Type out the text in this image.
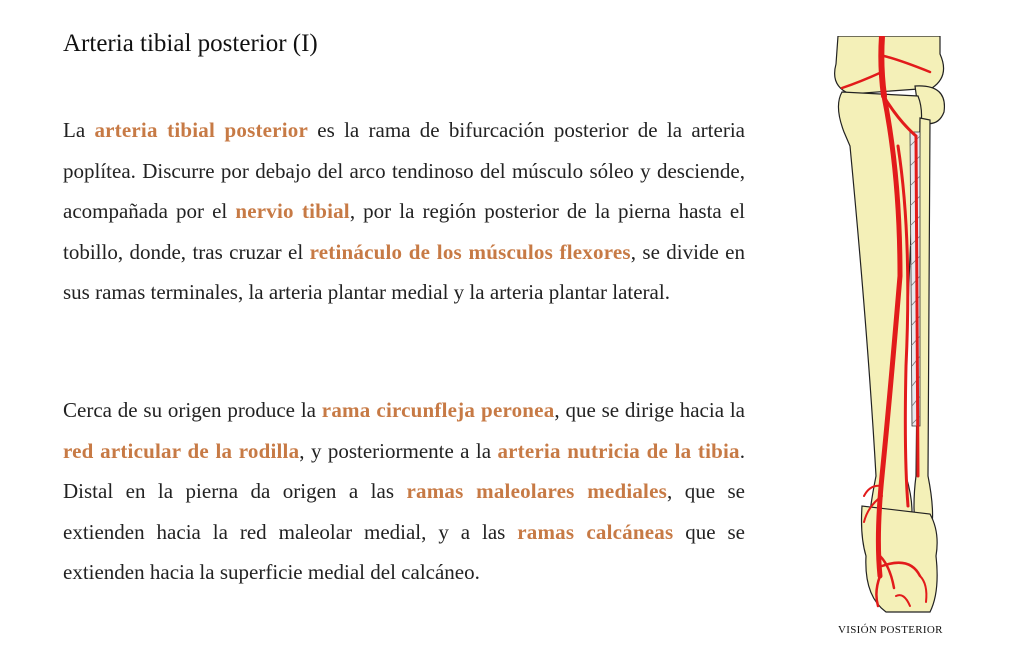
Arteria tibial posterior (I)

La arteria tibial posterior es la rama de bifurcación posterior de la arteria poplítea. Discurre por debajo del arco tendinoso del músculo sóleo y desciende, acompañada por el nervio tibial, por la región posterior de la pierna hasta el tobillo, donde, tras cruzar el retináculo de los músculos flexores, se divide en sus ramas terminales, la arteria plantar medial y la arteria plantar lateral.

Cerca de su origen produce la rama circunfleja peronea, que se dirige hacia la red articular de la rodilla, y posteriormente a la arteria nutricia de la tibia. Distal en la pierna da origen a las ramas maleolares mediales, que se extienden hacia la red maleolar medial, y a las ramas calcáneas que se extienden hacia la superficie medial del calcáneo.

VISIÓN POSTERIOR
